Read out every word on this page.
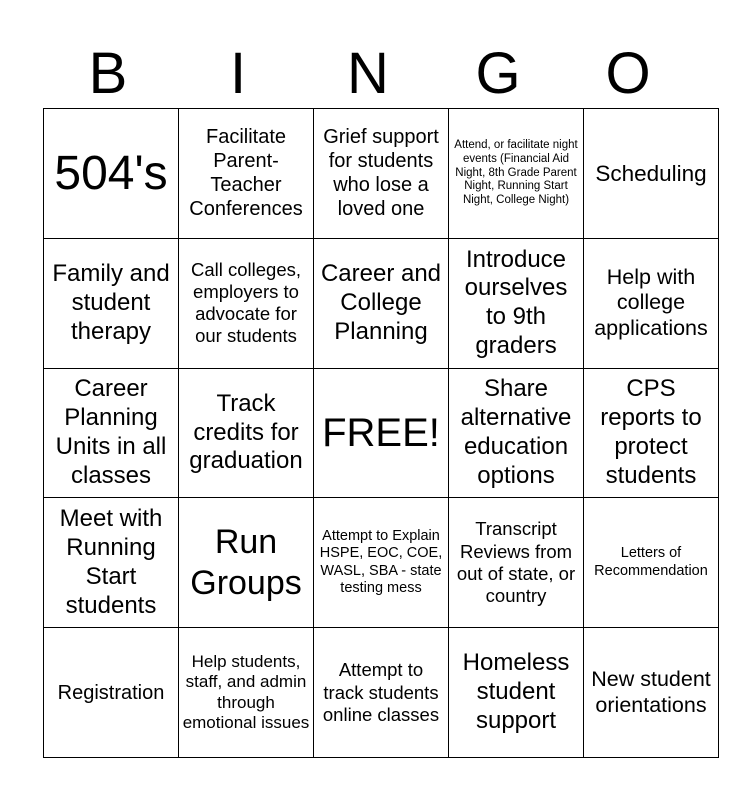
B	I	N	G	O
504's	Facilitate Parent-Teacher Conferences	Grief support for students who lose a loved one	Attend, or facilitate night events (Financial Aid Night, 8th Grade Parent Night, Running Start Night, College Night)	Scheduling
Family and student therapy	Call colleges, employers to advocate for our students	Career and College Planning	Introduce ourselves to 9th graders	Help with college applications
Career Planning Units in all classes	Track credits for graduation	FREE!	Share alternative education options	CPS reports to protect students
Meet with Running Start students	Run Groups	Attempt to Explain HSPE, EOC, COE, WASL, SBA - state testing mess	Transcript Reviews from out of state, or country	Letters of Recommendation
Registration	Help students, staff, and admin through emotional issues	Attempt to track students online classes	Homeless student support	New student orientations
